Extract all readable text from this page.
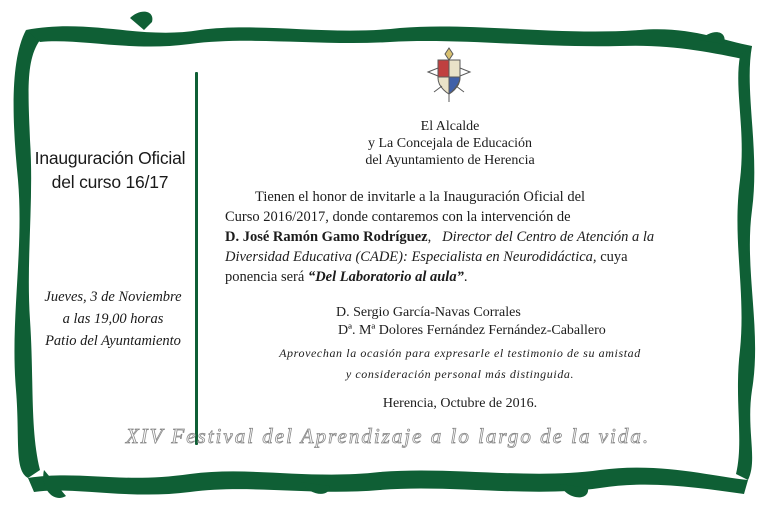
Inauguración Oficial
del curso 16/17
Jueves, 3 de Noviembre
a las 19,00 horas
Patio del Ayuntamiento
El Alcalde
y La Concejala de Educación
del Ayuntamiento de Herencia
Tienen el honor de invitarle a la Inauguración Oficial del
Curso 2016/2017, donde contaremos con la intervención de
D. José Ramón Gamo Rodríguez,   Director del Centro de Atención a la
Diversidad Educativa (CADE): Especialista en Neurodidáctica, cuya
ponencia será “Del Laboratorio al aula”.
D. Sergio García-Navas Corrales
Dª. Mª Dolores Fernández Fernández-Caballero
Aprovechan la ocasión para expresarle el testimonio de su amistad
y consideración personal más distinguida.
Herencia, Octubre de 2016.
XIV Festival del Aprendizaje a lo largo de la vida.
